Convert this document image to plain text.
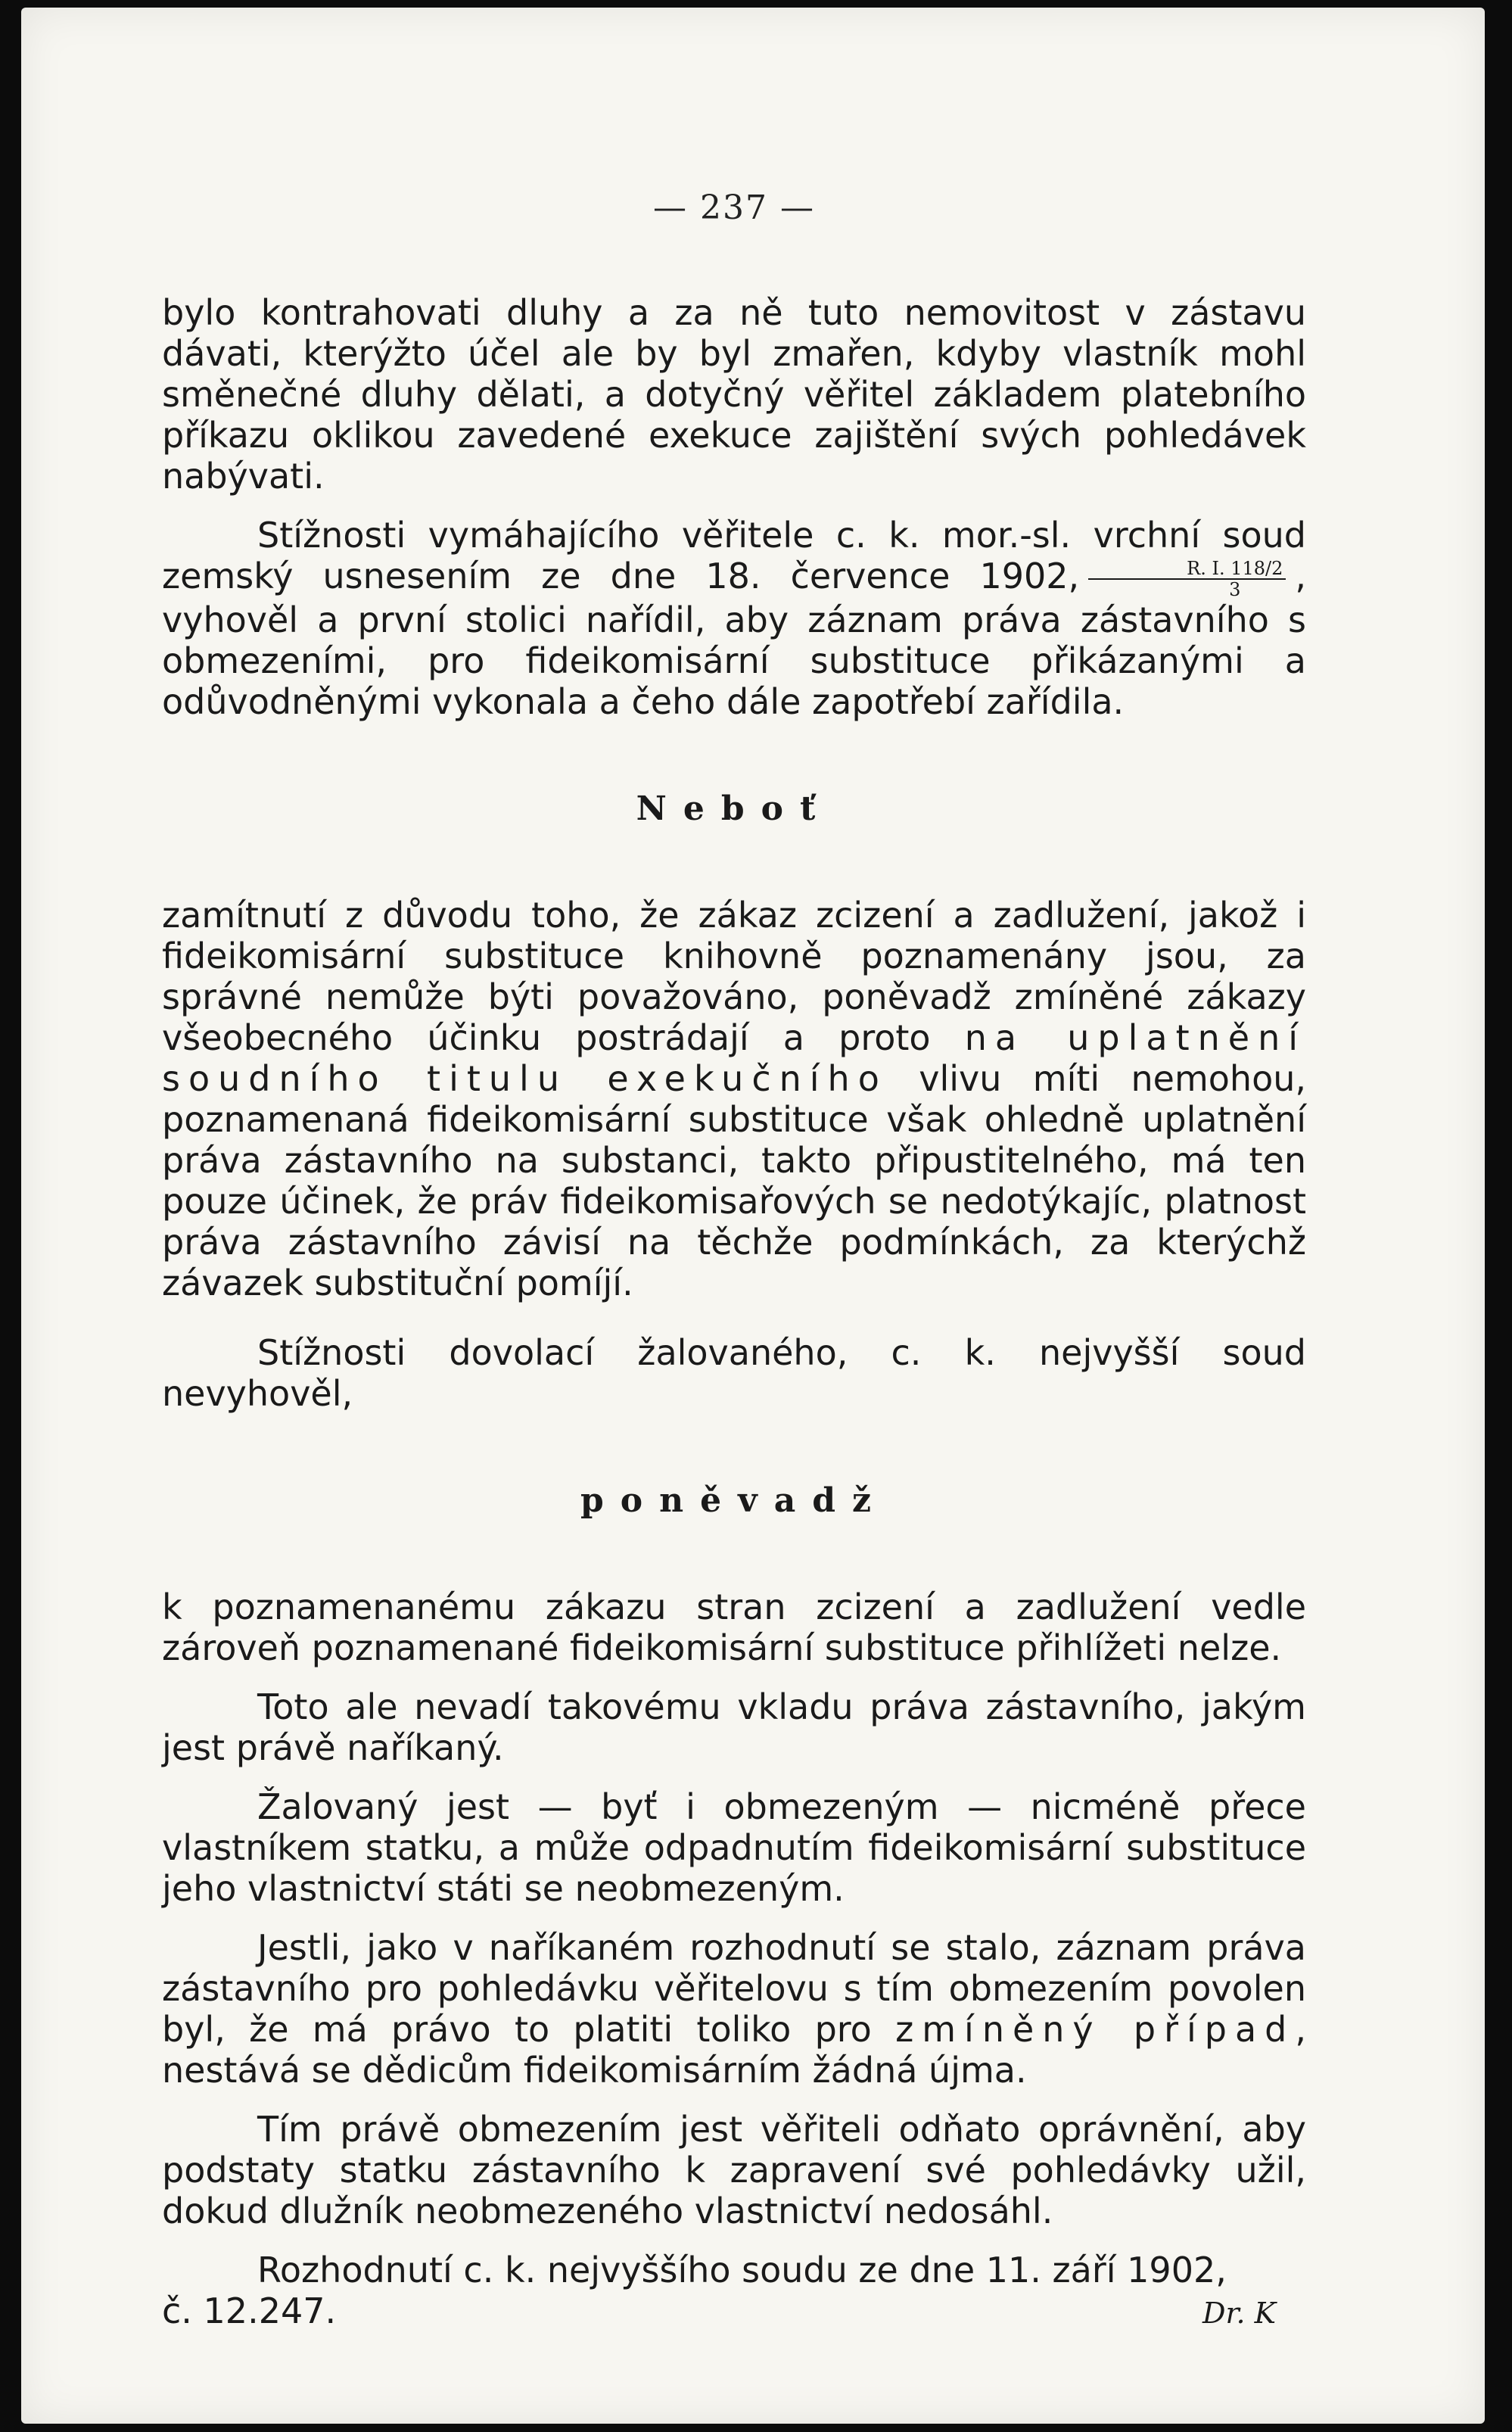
— 237 —

bylo kontrahovati dluhy a za ně tuto nemovitost v zástavu dávati, kterýžto účel ale by byl zmařen, kdyby vlastník mohl směnečné dluhy dělati, a dotyčný věřitel základem platebního příkazu oklikou zavedené exekuce zajištění svých pohledávek nabývati.

Stížnosti vymáhajícího věřitele c. k. mor.-sl. vrchní soud zemský usnesením ze dne 18. července 1902, $\frac{R. I. 118/2}{3}$ , vyhověl a první stolici nařídil, aby záznam práva zástavního s obmezeními, pro fideikomisární substituce přikázanými a odůvodněnými vykonala a čeho dále zapotřebí zařídila.

Neboť

zamítnutí z důvodu toho, že zákaz zcizení a zadlužení, jakož i fideikomisární substituce knihovně poznamenány jsou, za správné nemůže býti považováno, poněvadž zmíněné zákazy všeobecného účinku postrádají a proto na uplatnění soudního titulu exekučního vlivu míti nemohou, poznamenaná fideikomisární substituce však ohledně uplatnění práva zástavního na substanci, takto připustitelného, má ten pouze účinek, že práv fideikomisařových se nedotýkajíc, platnost práva zástavního závisí na těchže podmínkách, za kterýchž závazek substituční pomíjí.

Stížnosti dovolací žalovaného, c. k. nejvyšší soud nevyhověl,

poněvadž

k poznamenanému zákazu stran zcizení a zadlužení vedle zároveň poznamenané fideikomisární substituce přihlížeti nelze.

Toto ale nevadí takovému vkladu práva zástavního, jakým jest právě naříkaný.

Žalovaný jest — byť i obmezeným — nicméně přece vlastníkem statku, a může odpadnutím fideikomisární substituce jeho vlastnictví státi se neobmezeným.

Jestli, jako v naříkaném rozhodnutí se stalo, záznam práva zástavního pro pohledávku věřitelovu s tím obmezením povolen byl, že má právo to platiti toliko pro zmíněný případ, nestává se dědicům fideikomisárním žádná újma.

Tím právě obmezením jest věřiteli odňato oprávnění, aby podstaty statku zástavního k zapravení své pohledávky užil, dokud dlužník neobmezeného vlastnictví nedosáhl.

Rozhodnutí c. k. nejvyššího soudu ze dne 11. září 1902,

č. 12.247.	Dr. K
